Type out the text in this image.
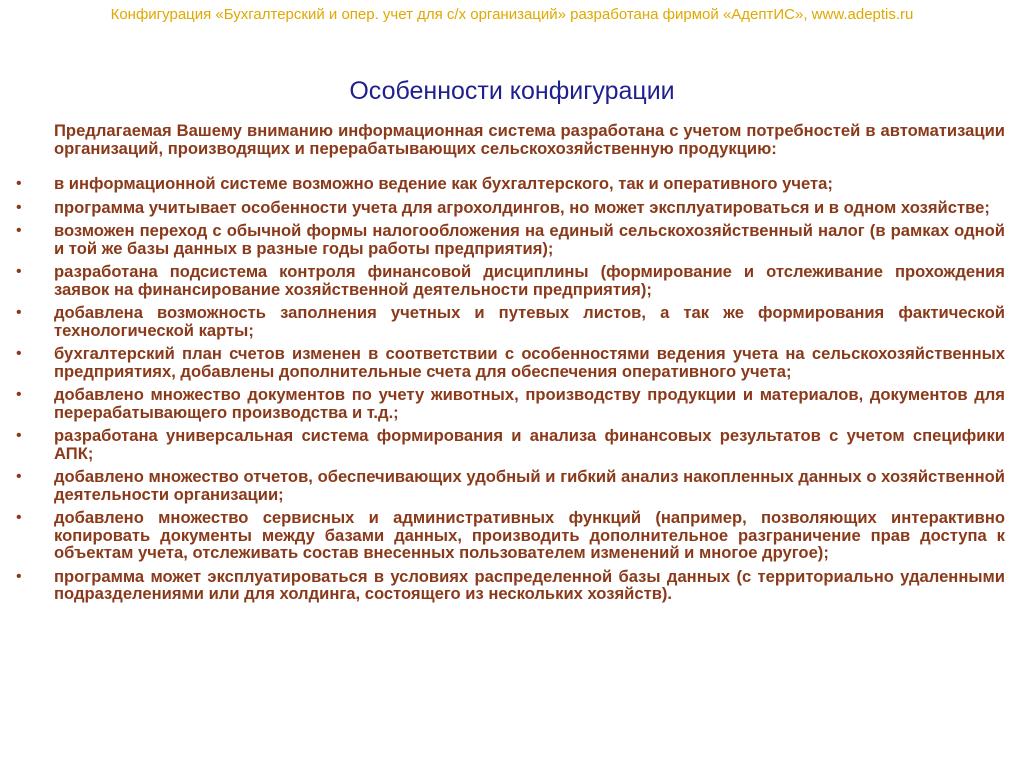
Конфигурация «Бухгалтерский и опер. учет для с/х организаций» разработана фирмой «АдептИС», www.adeptis.ru
Особенности конфигурации

Предлагаемая Вашему вниманию информационная система разработана с учетом потребностей в автоматизации организаций, производящих и перерабатывающих сельскохозяйственную продукцию:

• в информационной системе возможно ведение как бухгалтерского, так и оперативного учета;
• программа учитывает особенности учета для агрохолдингов, но может эксплуатироваться и в одном хозяйстве;
• возможен переход с обычной формы налогообложения на единый сельскохозяйственный налог (в рамках одной и той же базы данных в разные годы работы предприятия);
• разработана подсистема контроля финансовой дисциплины (формирование и отслеживание прохождения заявок на финансирование хозяйственной деятельности предприятия);
• добавлена возможность заполнения учетных и путевых листов, а так же формирования фактической технологической карты;
• бухгалтерский план счетов изменен в соответствии с особенностями ведения учета на сельскохозяйственных предприятиях, добавлены дополнительные счета для обеспечения оперативного учета;
• добавлено множество документов по учету животных, производству продукции и материалов, документов для перерабатывающего производства и т.д.;
• разработана универсальная система формирования и анализа финансовых результатов с учетом специфики АПК;
• добавлено множество отчетов, обеспечивающих удобный и гибкий анализ накопленных данных о хозяйственной деятельности организации;
• добавлено множество сервисных и административных функций (например, позволяющих интерактивно копировать документы между базами данных, производить дополнительное разграничение прав доступа к объектам учета, отслеживать состав внесенных пользователем изменений и многое другое);
• программа может эксплуатироваться в условиях распределенной базы данных (с территориально удаленными подразделениями или для холдинга, состоящего из нескольких хозяйств).
